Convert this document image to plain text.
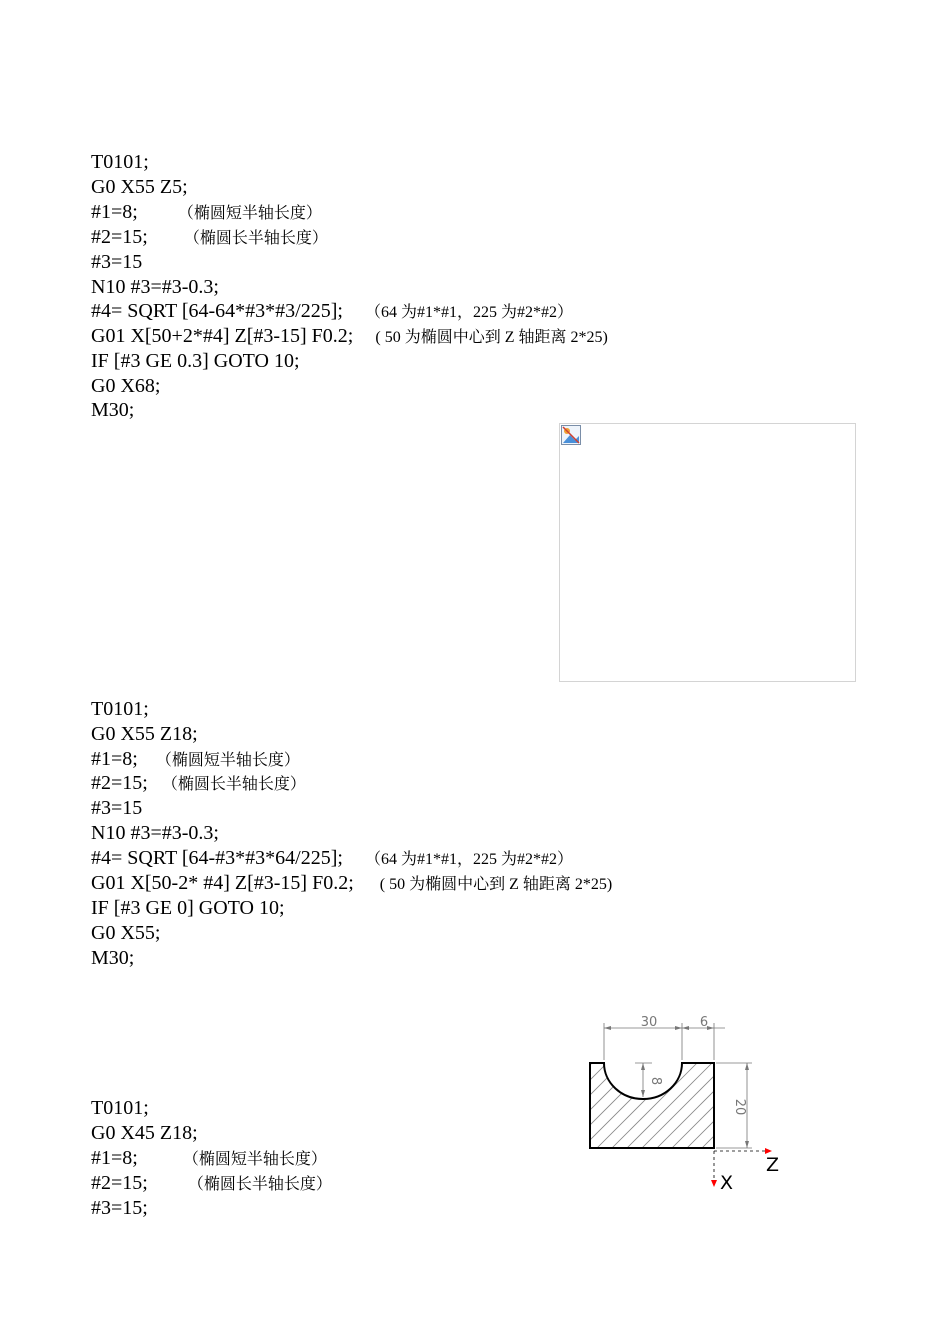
T0101;
G0 X55 Z5;
#1=8;	（椭圆短半轴长度）
#2=15; （椭圆长半轴长度）
#3=15
N10 #3=#3-0.3;
#4= SQRT [64-64*#3*#3/225]; （64 为#1*#1，225 为#2*#2）
G01 X[50+2*#4] Z[#3-15] F0.2; ( 50 为椭圆中心到 Z 轴距离 2*25)
IF [#3 GE 0.3] GOTO 10;
G0 X68;
M30;
T0101;
G0 X55 Z18;
#1=8; （椭圆短半轴长度）
#2=15; （椭圆长半轴长度）
#3=15
N10 #3=#3-0.3;
#4= SQRT [64-#3*#3*64/225]; （64 为#1*#1，225 为#2*#2）
G01 X[50-2* #4] Z[#3-15] F0.2; ( 50 为椭圆中心到 Z 轴距离 2*25)
IF [#3 GE 0] GOTO 10;
G0 X55;
M30;
T0101;
G0 X45 Z18;
#1=8;	（椭圆短半轴长度）
#2=15;	（椭圆长半轴长度）
#3=15;
30	6
8
20
Z
X
